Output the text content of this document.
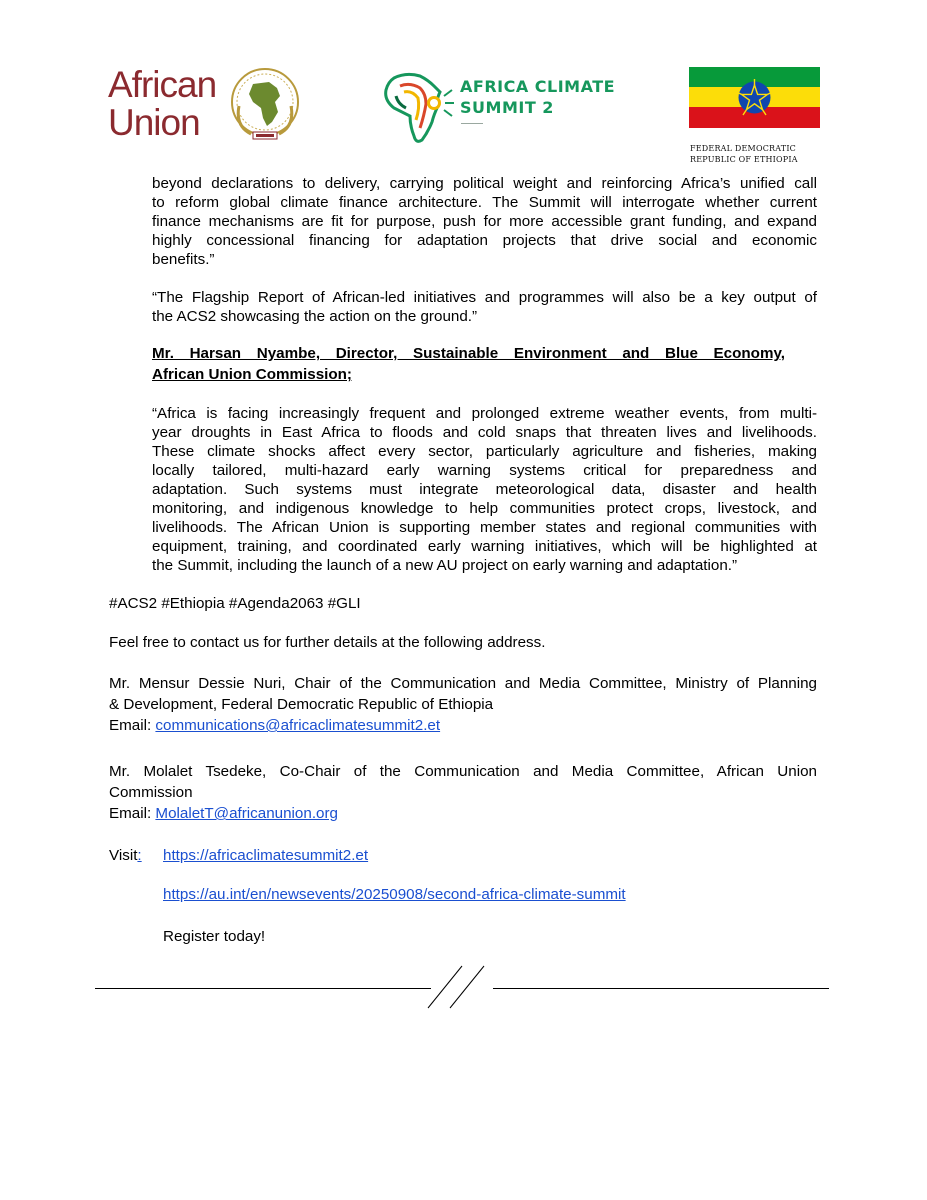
African
Union
AFRICA CLIMATE
SUMMIT 2
FEDERAL DEMOCRATIC
REPUBLIC OF ETHIOPIA
beyond declarations to delivery, carrying political weight and reinforcing Africa’s unified call
to reform global climate finance architecture. The Summit will interrogate whether current
finance mechanisms are fit for purpose, push for more accessible grant funding, and expand
highly concessional financing for adaptation projects that drive social and economic
benefits.”
“The Flagship Report of African-led initiatives and programmes will also be a key output of
the ACS2 showcasing the action on the ground.”
Mr. Harsan Nyambe, Director, Sustainable Environment and Blue Economy,
African Union Commission;
“Africa is facing increasingly frequent and prolonged extreme weather events, from multi-
year droughts in East Africa to floods and cold snaps that threaten lives and livelihoods.
These climate shocks affect every sector, particularly agriculture and fisheries, making
locally tailored, multi-hazard early warning systems critical for preparedness and
adaptation. Such systems must integrate meteorological data, disaster and health
monitoring, and indigenous knowledge to help communities protect crops, livestock, and
livelihoods. The African Union is supporting member states and regional communities with
equipment, training, and coordinated early warning initiatives, which will be highlighted at
the Summit, including the launch of a new AU project on early warning and adaptation.”
#ACS2 #Ethiopia #Agenda2063 #GLI
Feel free to contact us for further details at the following address.
Mr. Mensur Dessie Nuri, Chair of the Communication and Media Committee, Ministry of Planning
& Development, Federal Democratic Republic of Ethiopia
Email: communications@africaclimatesummit2.et
Mr. Molalet Tsedeke, Co-Chair of the Communication and Media Committee, African Union
Commission
Email: MolaletT@africanunion.org
Visit: https://africaclimatesummit2.et
https://au.int/en/newsevents/20250908/second-africa-climate-summit
Register today!
